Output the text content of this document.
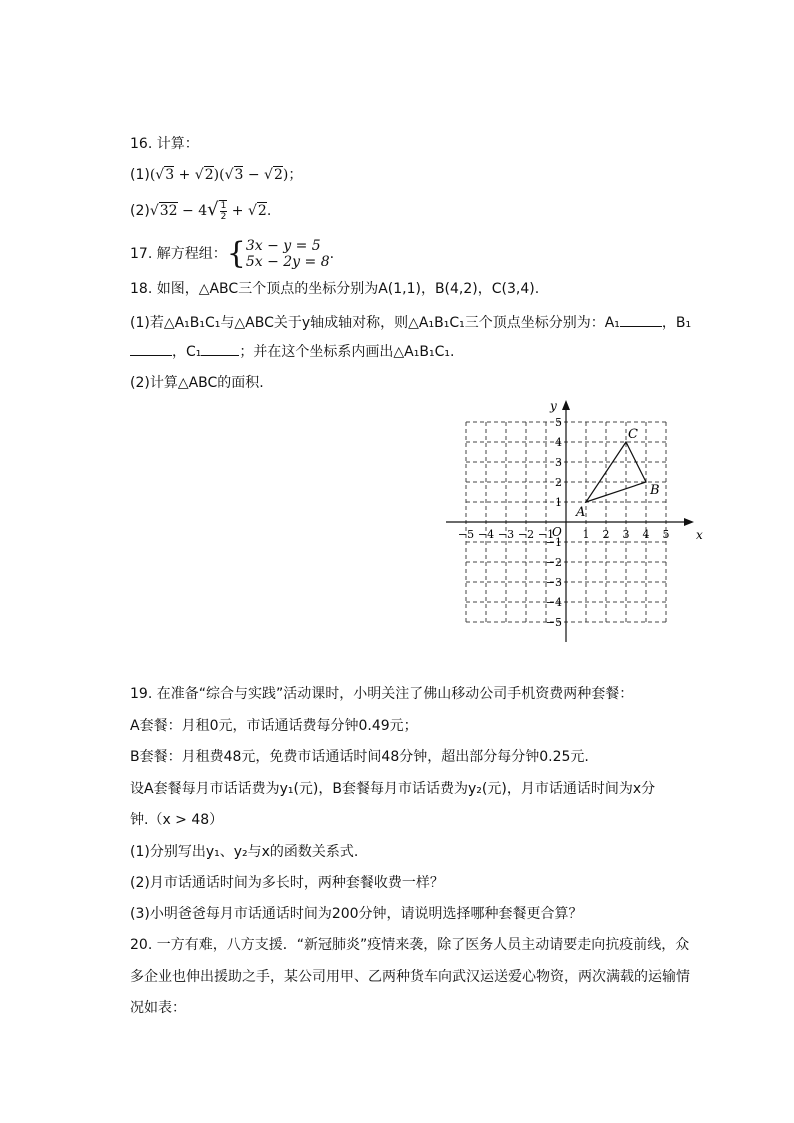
16. 计算：
(1)(√3 + √2)(√3 − √2)；
$(2)√32 - 4√ \frac{1}{2} + √2$.
17. 解方程组：{ 3x − y = 5
5x − 2y = 8 .
18. 如图，△ABC三个顶点的坐标分别为A(1,1)，B(4,2)，C(3,4).
(1)若△A₁B₁C₁与△ABC关于y轴成轴对称，则△A₁B₁C₁三个顶点坐标分别为：A₁	，B₁
，C₁	；并在这个坐标系内画出△A₁B₁C₁.
(2)计算△ABC的面积.
x
y
O
−5 −4 −3 −2 −1	1 2 3 4 5
5
4
3
2
1
−1
−2
−3
−4
−5
A
B
C
19. 在准备“综合与实践”活动课时，小明关注了佛山移动公司手机资费两种套餐：
A套餐：月租0元，市话通话费每分钟0.49元；
B套餐：月租费48元，免费市话通话时间48分钟，超出部分每分钟0.25元.
设A套餐每月市话话费为y₁(元)，B套餐每月市话话费为y₂(元)，月市话通话时间为x分
钟.（x > 48）
(1)分别写出y₁、y₂与x的函数关系式.
(2)月市话通话时间为多长时，两种套餐收费一样？
(3)小明爸爸每月市话通话时间为200分钟，请说明选择哪种套餐更合算？
20. 一方有难，八方支援．“新冠肺炎”疫情来袭，除了医务人员主动请要走向抗疫前线，众
多企业也伸出援助之手，某公司用甲、乙两种货车向武汉运送爱心物资，两次满载的运输情
况如表：
